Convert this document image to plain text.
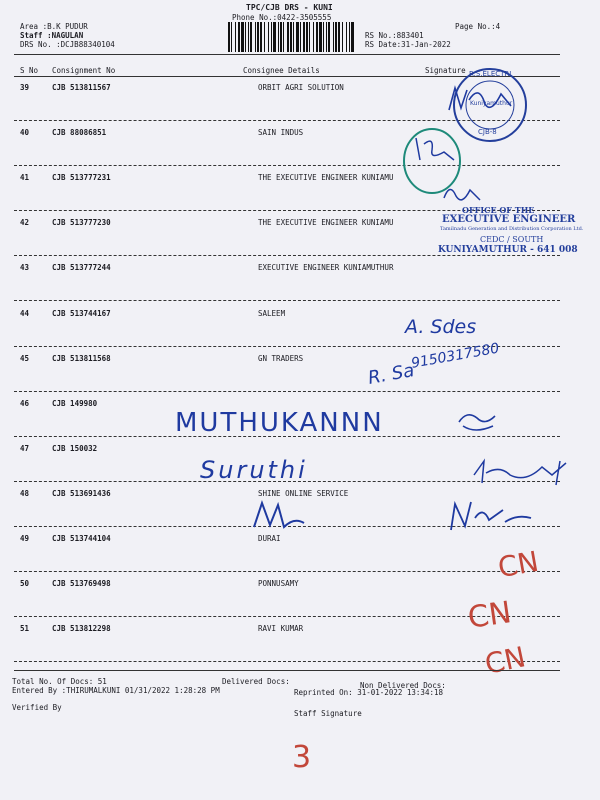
TPC/CJB DRS - KUNI
Phone No.:0422-3505555
Area :B.K PUDUR
Staff :NAGULAN
DRS No. :DCJB88340104
RS No.:883401
RS Date:31-Jan-2022
Page No.:4
S No Consignment No	Consignee Details	Signature
39	CJB 513811567	ORBIT AGRI SOLUTION
40	CJB 88086851	SAIN INDUS
41	CJB 513777231	THE EXECUTIVE ENGINEER KUNIAMU
42	CJB 513777230	THE EXECUTIVE ENGINEER KUNIAMU
43	CJB 513777244	EXECUTIVE ENGINEER KUNIAMUTHUR
44	CJB 513744167	SALEEM
45	CJB 513811568	GN TRADERS
46	CJB 149980
47	CJB 150032
48	CJB 513691436	SHINE ONLINE SERVICE
49	CJB 513744104	DURAI
50	CJB 513769498	PONNUSAMY
51	CJB 513812298	RAVI KUMAR
R.S.ELECTRI
Kuniyamuthur
CJB-8
OFFICE OF THE
EXECUTIVE ENGINEER
Tamilnadu Generation and Distribution Corporation Ltd.
CEDC / SOUTH
KUNIYAMUTHUR - 641 008
A. Sdes
R. Sa
9150317580
MUTHUKANNN
Suruthi
CN
CN
CN
Total No. Of Docs: 51	Delivered Docs:	Non Delivered Docs:
Entered By :THIRUMALKUNI 01/31/2022 1:28:28 PM	Reprinted On: 31-01-2022 13:34:18
Verified By
Staff Signature
3
